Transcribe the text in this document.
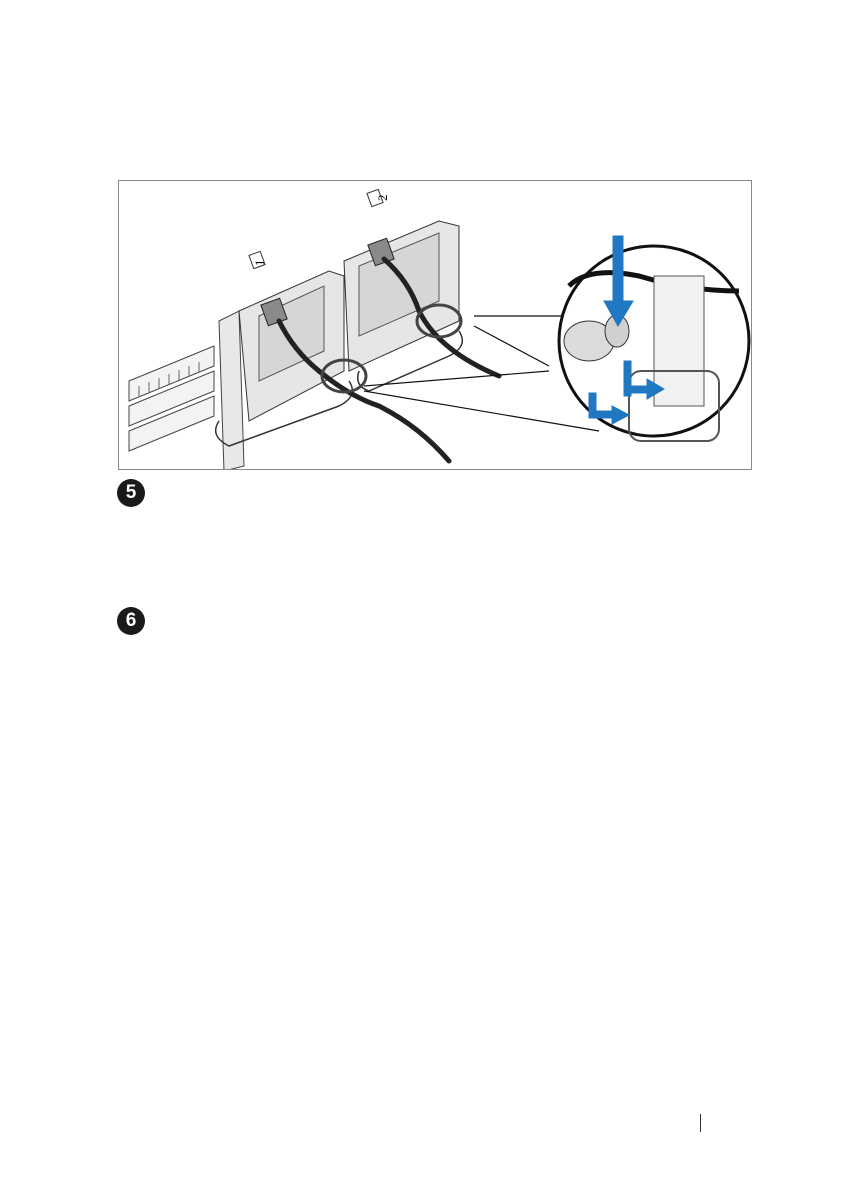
1
2
5
6
